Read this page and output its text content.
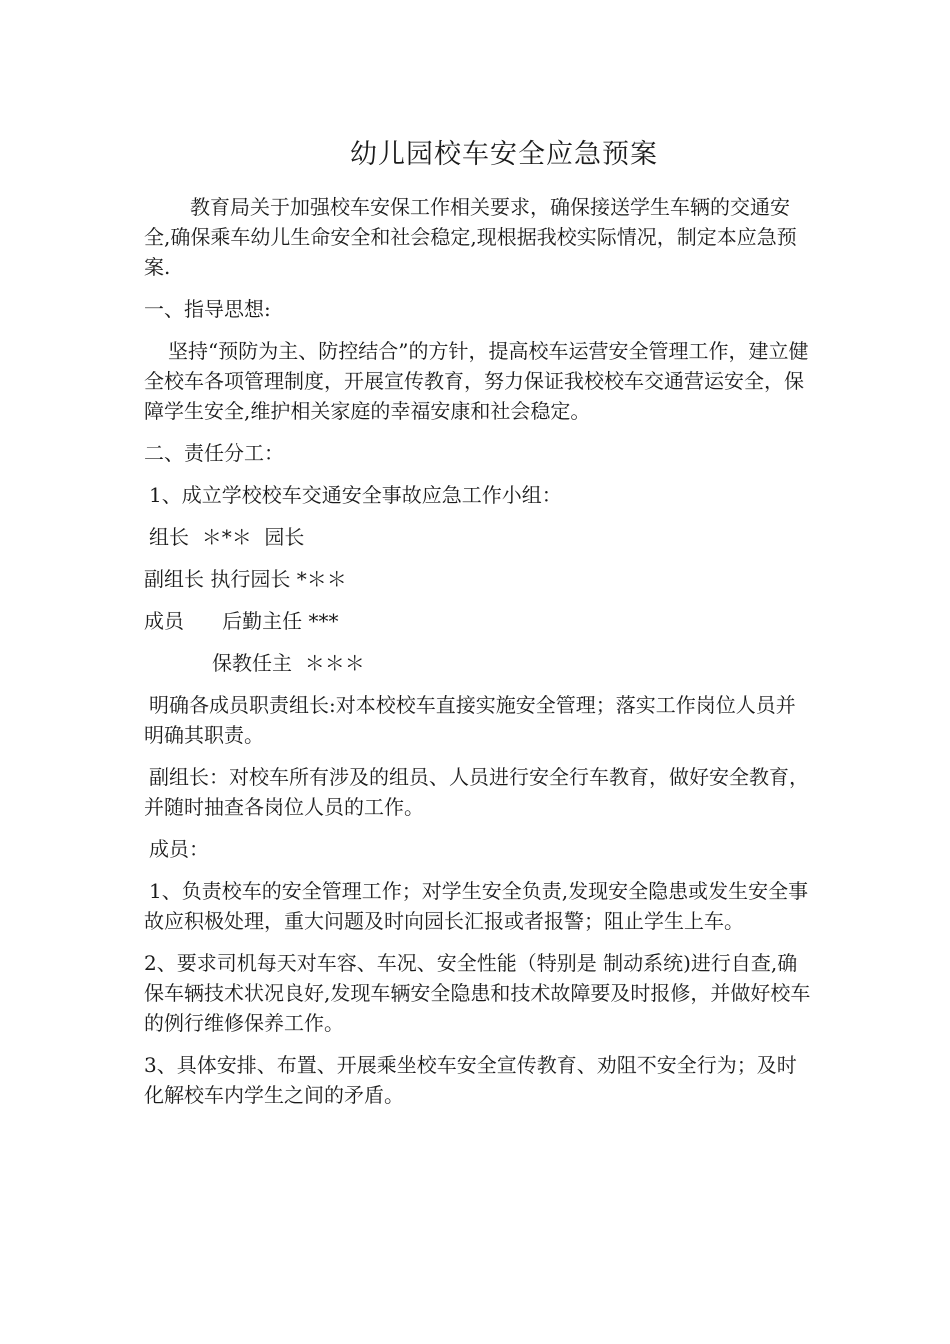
幼儿园校车安全应急预案

教育局关于加强校车安保工作相关要求，确保接送学生车辆的交通安全,确保乘车幼儿生命安全和社会稳定,现根据我校实际情况，制定本应急预案.

一、指导思想:

坚持“预防为主、防控结合”的方针，提高校车运营安全管理工作，建立健全校车各项管理制度，开展宣传教育，努力保证我校校车交通营运安全，保障学生安全,维护相关家庭的幸福安康和社会稳定。

二、责任分工：

1、成立学校校车交通安全事故应急工作小组：

组长  ＊*＊  园长

副组长 执行园长 *＊＊

成员      后勤主任 ***

保教任主  ＊＊＊

明确各成员职责组长:对本校校车直接实施安全管理；落实工作岗位人员并明确其职责。

副组长：对校车所有涉及的组员、人员进行安全行车教育，做好安全教育，并随时抽查各岗位人员的工作。

成员：

1、负责校车的安全管理工作；对学生安全负责,发现安全隐患或发生安全事故应积极处理，重大问题及时向园长汇报或者报警；阻止学生上车。

2、要求司机每天对车容、车况、安全性能（特别是 制动系统)进行自查,确保车辆技术状况良好,发现车辆安全隐患和技术故障要及时报修，并做好校车的例行维修保养工作。

3、具体安排、布置、开展乘坐校车安全宣传教育、劝阻不安全行为；及时化解校车内学生之间的矛盾。
